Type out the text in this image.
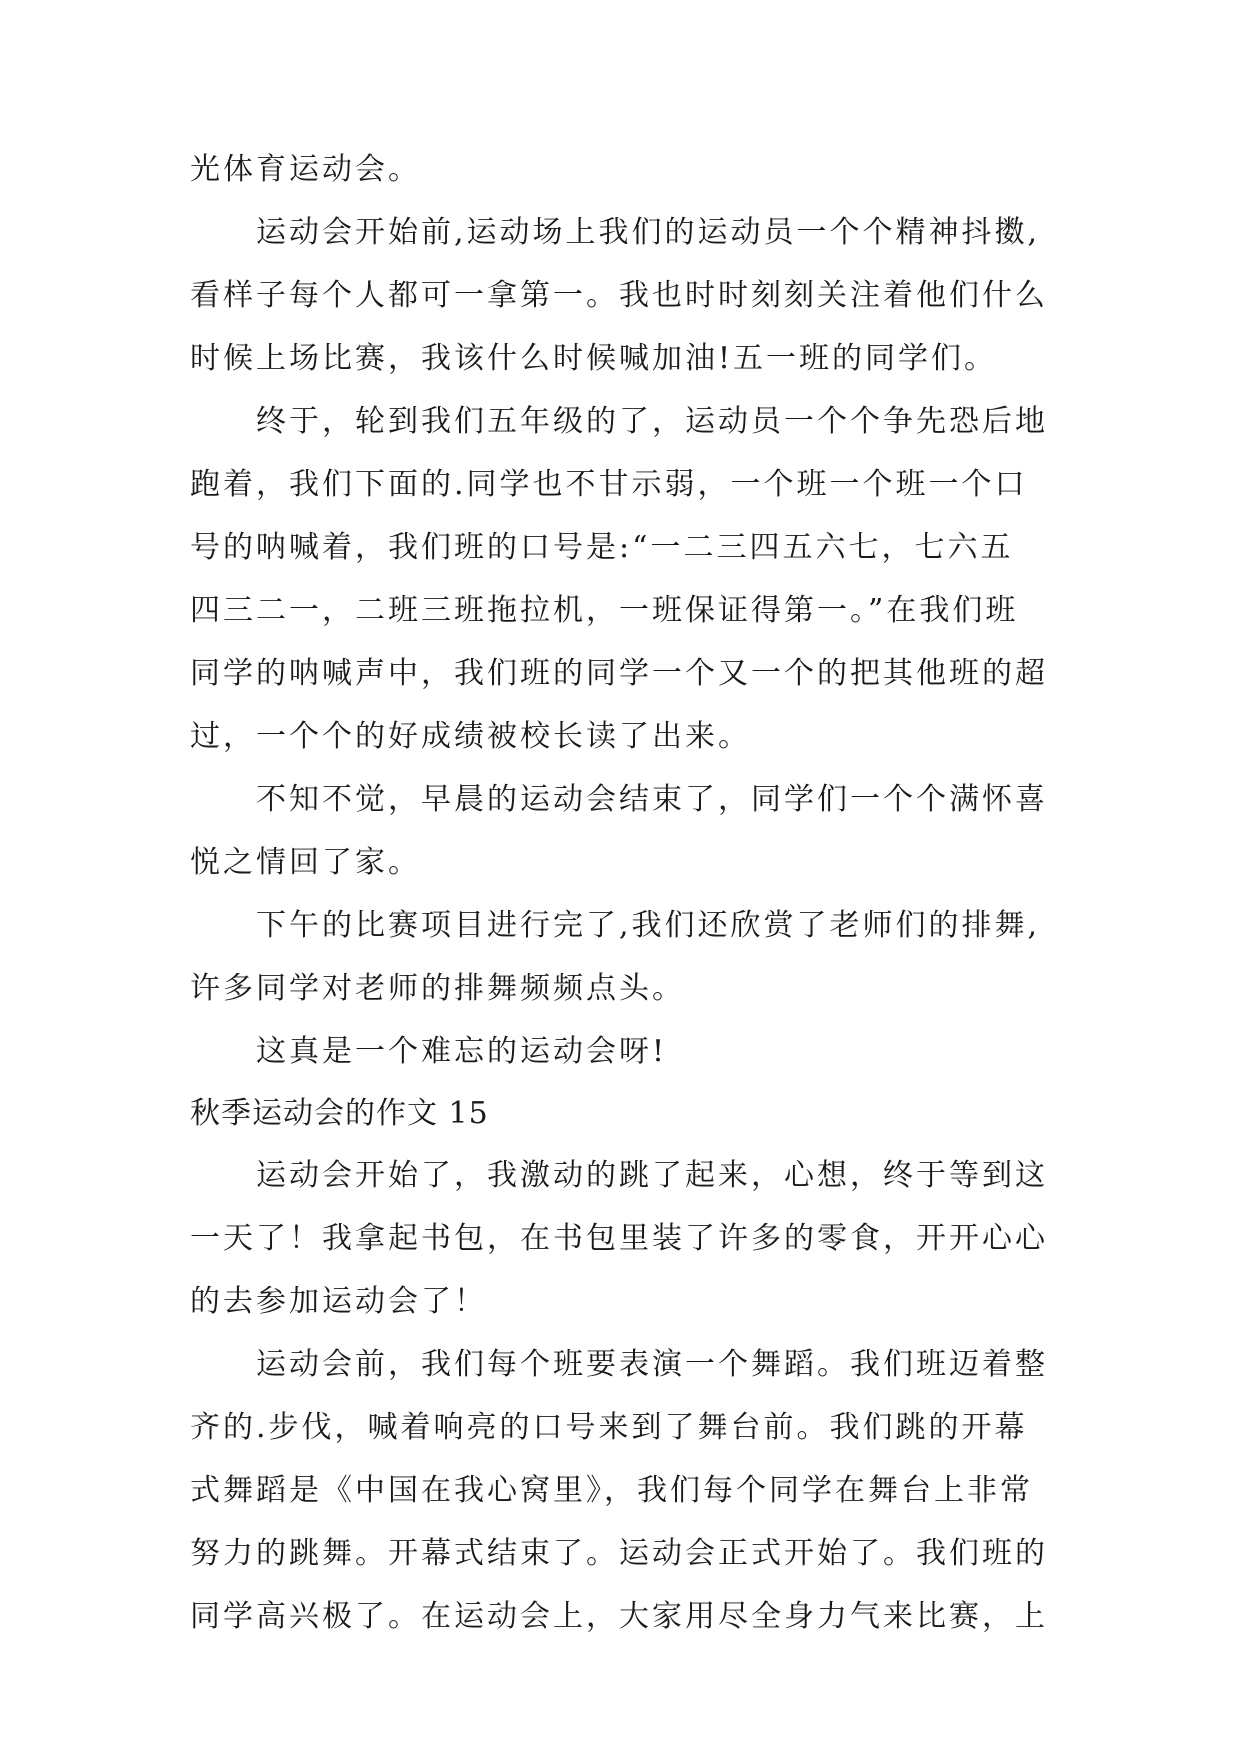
光体育运动会。
运动会开始前,运动场上我们的运动员一个个精神抖擞,
看样子每个人都可一拿第一。我也时时刻刻关注着他们什么
时候上场比赛，我该什么时候喊加油!五一班的同学们。
终于，轮到我们五年级的了，运动员一个个争先恐后地
跑着，我们下面的.同学也不甘示弱，一个班一个班一个口
号的呐喊着，我们班的口号是:“一二三四五六七，七六五
四三二一，二班三班拖拉机，一班保证得第一。”在我们班
同学的呐喊声中，我们班的同学一个又一个的把其他班的超
过，一个个的好成绩被校长读了出来。
不知不觉，早晨的运动会结束了，同学们一个个满怀喜
悦之情回了家。
下午的比赛项目进行完了,我们还欣赏了老师们的排舞,
许多同学对老师的排舞频频点头。
这真是一个难忘的运动会呀!
秋季运动会的作文 15
运动会开始了，我激动的跳了起来，心想，终于等到这
一天了！我拿起书包，在书包里装了许多的零食，开开心心
的去参加运动会了！
运动会前，我们每个班要表演一个舞蹈。我们班迈着整
齐的.步伐，喊着响亮的口号来到了舞台前。我们跳的开幕
式舞蹈是《中国在我心窝里》，我们每个同学在舞台上非常
努力的跳舞。开幕式结束了。运动会正式开始了。我们班的
同学高兴极了。在运动会上，大家用尽全身力气来比赛，上
